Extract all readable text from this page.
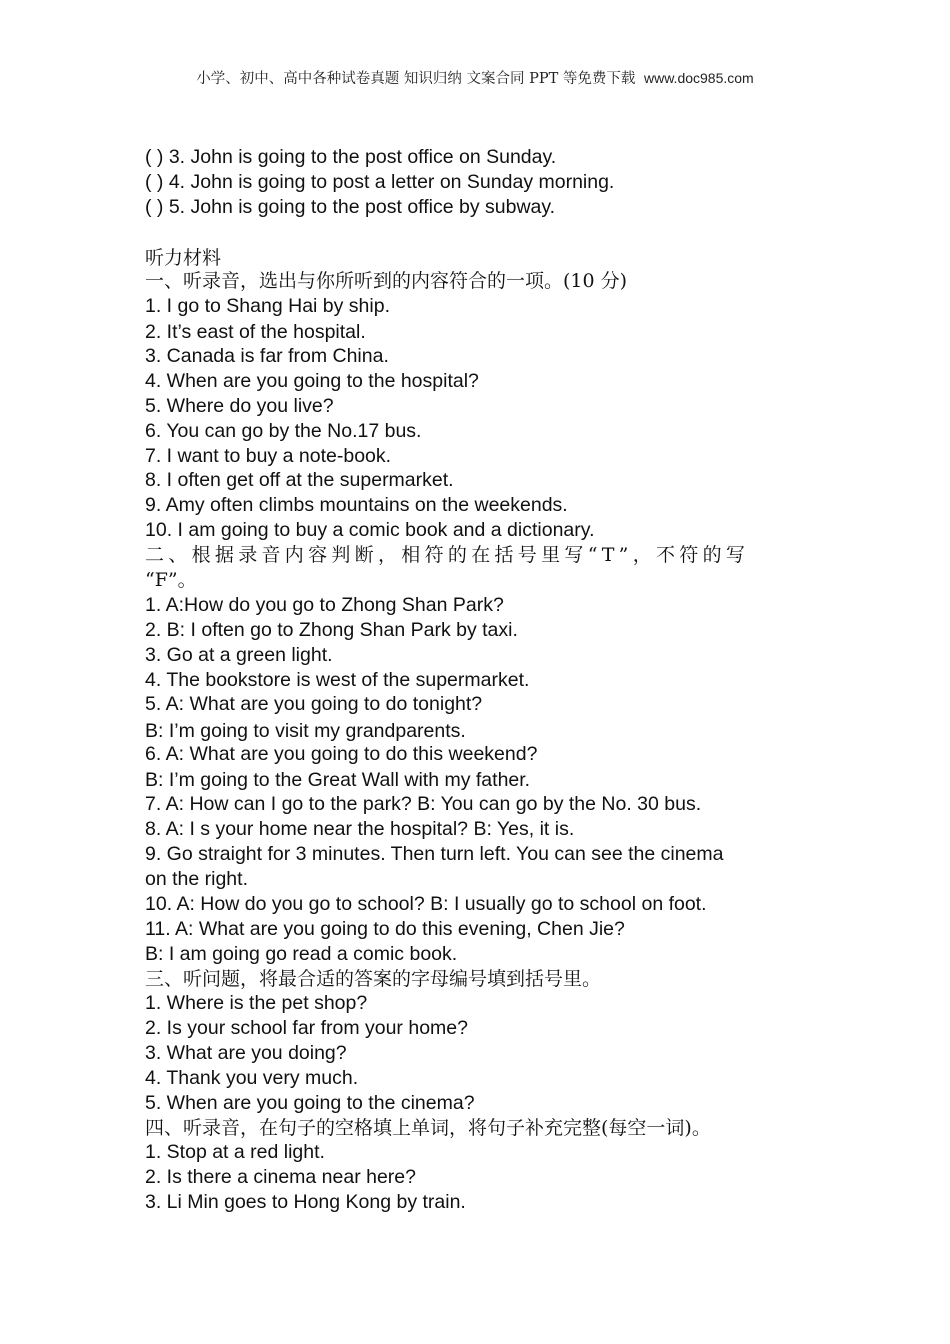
小学、初中、高中各种试卷真题 知识归纳 文案合同 PPT 等免费下载 www.doc985.com
( ) 3. John is going to the post office on Sunday.
( ) 4. John is going to post a letter on Sunday morning.
( ) 5. John is going to the post office by subway.
听力材料
一、听录音，选出与你所听到的内容符合的一项。(10 分)
1. I go to Shang Hai by ship.
2. It’s east of the hospital.
3. Canada is far from China.
4. When are you going to the hospital?
5. Where do you live?
6. You can go by the No.17 bus.
7. I want to buy a note-book.
8. I often get off at the supermarket.
9. Amy often climbs mountains on the weekends.
10. I am going to buy a comic book and a dictionary.
二、根据录音内容判断，相符的在括号里写“T”，不符的写
“F”。
1. A:How do you go to Zhong Shan Park?
2. B: I often go to Zhong Shan Park by taxi.
3. Go at a green light.
4. The bookstore is west of the supermarket.
5. A: What are you going to do tonight?
B: I’m going to visit my grandparents.
6. A: What are you going to do this weekend?
B: I’m going to the Great Wall with my father.
7. A: How can I go to the park? B: You can go by the No. 30 bus.
8. A: I s your home near the hospital? B: Yes, it is.
9. Go straight for 3 minutes. Then turn left. You can see the cinema
on the right.
10. A: How do you go to school? B: I usually go to school on foot.
11. A: What are you going to do this evening, Chen Jie?
B: I am going go read a comic book.
三、听问题，将最合适的答案的字母编号填到括号里。
1. Where is the pet shop?
2. Is your school far from your home?
3. What are you doing?
4. Thank you very much.
5. When are you going to the cinema?
四、听录音，在句子的空格填上单词，将句子补充完整(每空一词)。
1. Stop at a red light.
2. Is there a cinema near here?
3. Li Min goes to Hong Kong by train.
